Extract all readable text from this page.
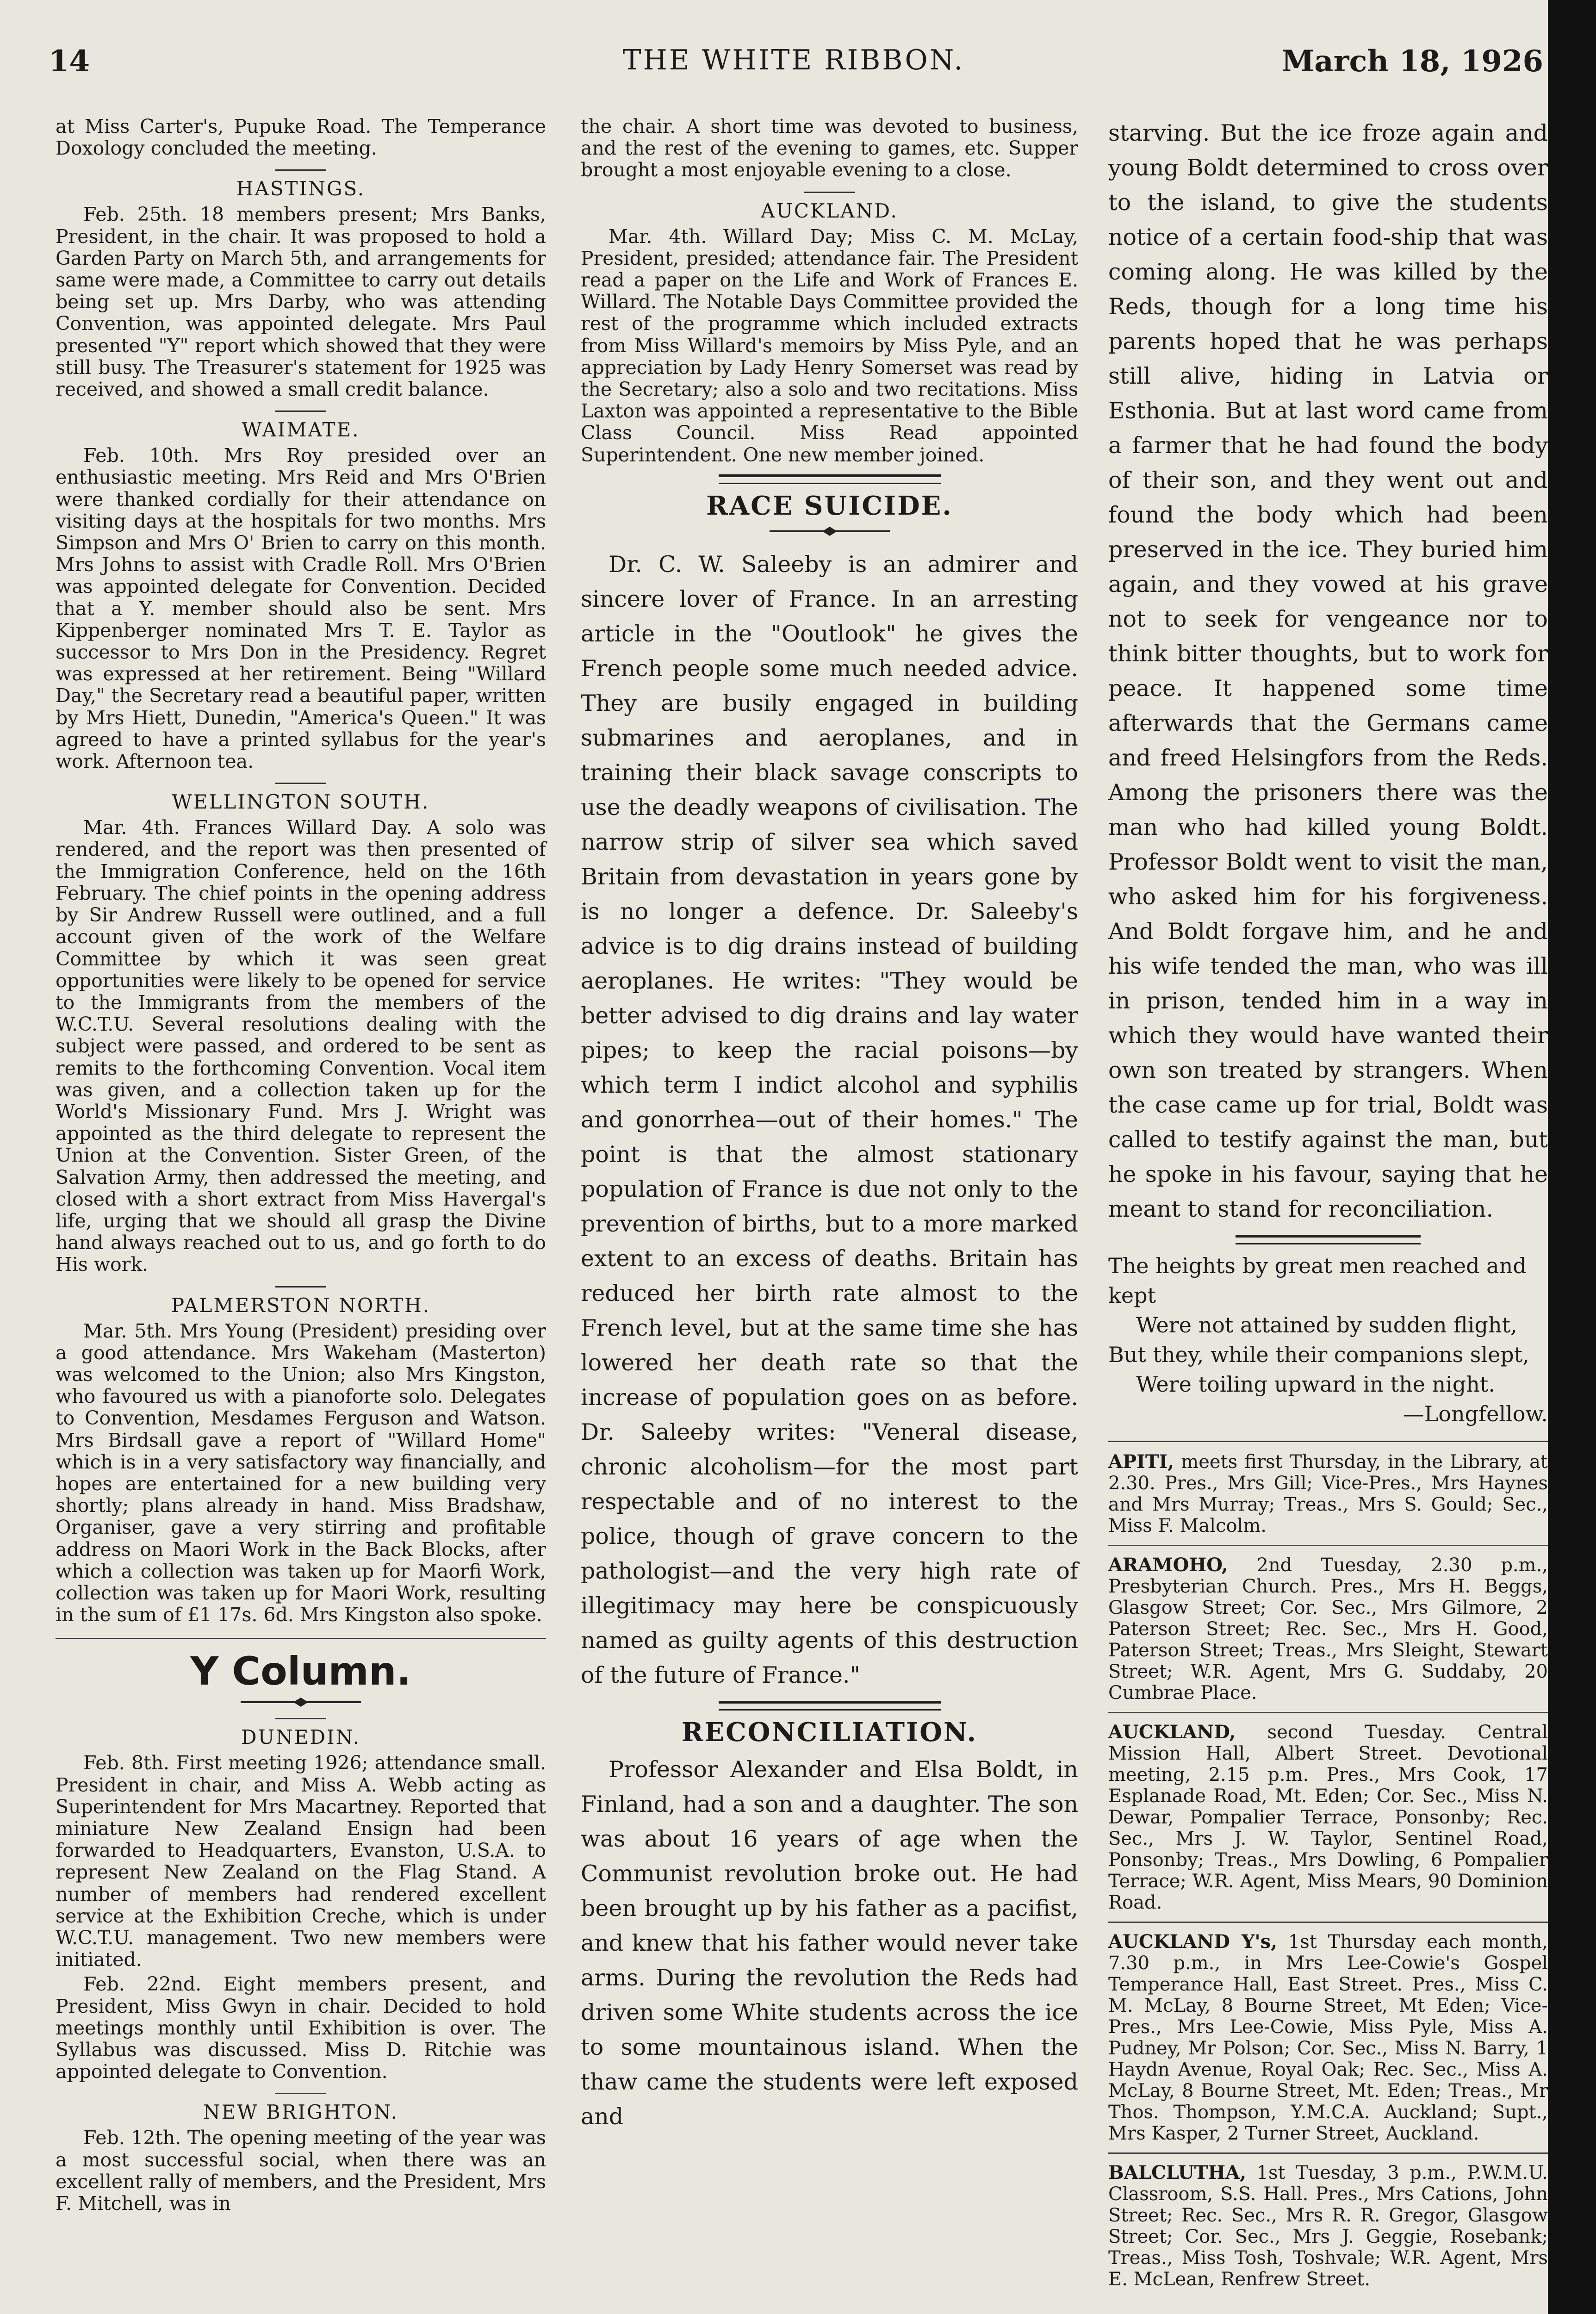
14	THE WHITE RIBBON.	March 18, 1926

at Miss Carter's, Pupuke Road. The Temperance Doxology concluded the meeting.

HASTINGS.

Feb. 25th. 18 members present; Mrs Banks, President, in the chair. It was proposed to hold a Garden Party on March 5th, and arrangements for same were made, a Committee to carry out details being set up. Mrs Darby, who was attending Convention, was appointed delegate. Mrs Paul presented "Y" report which showed that they were still busy. The Treasurer's statement for 1925 was received, and showed a small credit balance.

WAIMATE.

Feb. 10th. Mrs Roy presided over an enthusiastic meeting. Mrs Reid and Mrs O'Brien were thanked cordially for their attendance on visiting days at the hospitals for two months. Mrs Simpson and Mrs O' Brien to carry on this month. Mrs Johns to assist with Cradle Roll. Mrs O'Brien was appointed delegate for Convention. Decided that a Y. member should also be sent. Mrs Kippenberger nominated Mrs T. E. Taylor as successor to Mrs Don in the Presidency. Regret was expressed at her retirement. Being "Willard Day," the Secretary read a beautiful paper, written by Mrs Hiett, Dunedin, "America's Queen." It was agreed to have a printed syllabus for the year's work. Afternoon tea.

WELLINGTON SOUTH.

Mar. 4th. Frances Willard Day. A solo was rendered, and the report was then presented of the Immigration Conference, held on the 16th February. The chief points in the opening address by Sir Andrew Russell were outlined, and a full account given of the work of the Welfare Committee by which it was seen great opportunities were likely to be opened for service to the Immigrants from the members of the W.C.T.U. Several resolutions dealing with the subject were passed, and ordered to be sent as remits to the forthcoming Convention. Vocal item was given, and a collection taken up for the World's Missionary Fund. Mrs J. Wright was appointed as the third delegate to represent the Union at the Convention. Sister Green, of the Salvation Army, then addressed the meeting, and closed with a short extract from Miss Havergal's life, urging that we should all grasp the Divine hand always reached out to us, and go forth to do His work.

PALMERSTON NORTH.

Mar. 5th. Mrs Young (President) presiding over a good attendance. Mrs Wakeham (Masterton) was welcomed to the Union; also Mrs Kingston, who favoured us with a pianoforte solo. Delegates to Convention, Mesdames Ferguson and Watson. Mrs Birdsall gave a report of "Willard Home" which is in a very satisfactory way financially, and hopes are entertained for a new building very shortly; plans already in hand. Miss Bradshaw, Organiser, gave a very stirring and profitable address on Maori Work in the Back Blocks, after which a collection was taken up for Maorfi Work, collection was taken up for Maori Work, resulting in the sum of £1 17s. 6d. Mrs Kingston also spoke.

Y Column.
DUNEDIN.

Feb. 8th. First meeting 1926; attendance small. President in chair, and Miss A. Webb acting as Superintendent for Mrs Macartney. Reported that miniature New Zealand Ensign had been forwarded to Headquarters, Evanston, U.S.A. to represent New Zealand on the Flag Stand. A number of members had rendered excellent service at the Exhibition Creche, which is under W.C.T.U. management. Two new members were initiated.

Feb. 22nd. Eight members present, and President, Miss Gwyn in chair. Decided to hold meetings monthly until Exhibition is over. The Syllabus was discussed. Miss D. Ritchie was appointed delegate to Convention.

NEW BRIGHTON.

Feb. 12th. The opening meeting of the year was a most successful social, when there was an excellent rally of members, and the President, Mrs F. Mitchell, was in

the chair. A short time was devoted to business, and the rest of the evening to games, etc. Supper brought a most enjoyable evening to a close.

AUCKLAND.

Mar. 4th. Willard Day; Miss C. M. McLay, President, presided; attendance fair. The President read a paper on the Life and Work of Frances E. Willard. The Notable Days Committee provided the rest of the programme which included extracts from Miss Willard's memoirs by Miss Pyle, and an appreciation by Lady Henry Somerset was read by the Secretary; also a solo and two recitations. Miss Laxton was appointed a representative to the Bible Class Council. Miss Read appointed Superintendent. One new member joined.

RACE SUICIDE.

Dr. C. W. Saleeby is an admirer and sincere lover of France. In an arresting article in the "Ooutlook" he gives the French people some much needed advice. They are busily engaged in building submarines and aeroplanes, and in training their black savage conscripts to use the deadly weapons of civilisation. The narrow strip of silver sea which saved Britain from devastation in years gone by is no longer a defence. Dr. Saleeby's advice is to dig drains instead of building aeroplanes. He writes: "They would be better advised to dig drains and lay water pipes; to keep the racial poisons—by which term I indict alcohol and syphilis and gonorrhea—out of their homes." The point is that the almost stationary population of France is due not only to the prevention of births, but to a more marked extent to an excess of deaths. Britain has reduced her birth rate almost to the French level, but at the same time she has lowered her death rate so that the increase of population goes on as before. Dr. Saleeby writes: "Veneral disease, chronic alcoholism—for the most part respectable and of no interest to the police, though of grave concern to the pathologist—and the very high rate of illegitimacy may here be conspicuously named as guilty agents of this destruction of the future of France."

RECONCILIATION.

Professor Alexander and Elsa Boldt, in Finland, had a son and a daughter. The son was about 16 years of age when the Communist revolution broke out. He had been brought up by his father as a pacifist, and knew that his father would never take arms. During the revolution the Reds had driven some White students across the ice to some mountainous island. When the thaw came the students were left exposed and

starving. But the ice froze again and young Boldt determined to cross over to the island, to give the students notice of a certain food-ship that was coming along. He was killed by the Reds, though for a long time his parents hoped that he was perhaps still alive, hiding in Latvia or Esthonia. But at last word came from a farmer that he had found the body of their son, and they went out and found the body which had been preserved in the ice. They buried him again, and they vowed at his grave not to seek for vengeance nor to think bitter thoughts, but to work for peace. It happened some time afterwards that the Germans came and freed Helsingfors from the Reds. Among the prisoners there was the man who had killed young Boldt. Professor Boldt went to visit the man, who asked him for his forgiveness. And Boldt forgave him, and he and his wife tended the man, who was ill in prison, tended him in a way in which they would have wanted their own son treated by strangers. When the case came up for trial, Boldt was called to testify against the man, but he spoke in his favour, saying that he meant to stand for reconciliation.

The heights by great men reached and kept
Were not attained by sudden flight,
But they, while their companions slept,
Were toiling upward in the night.
—Longfellow.
APITI, meets first Thursday, in the Library, at 2.30. Pres., Mrs Gill; Vice-Pres., Mrs Haynes and Mrs Murray; Treas., Mrs S. Gould; Sec., Miss F. Malcolm.
ARAMOHO, 2nd Tuesday, 2.30 p.m., Presbyterian Church. Pres., Mrs H. Beggs, Glasgow Street; Cor. Sec., Mrs Gilmore, 2 Paterson Street; Rec. Sec., Mrs H. Good, Paterson Street; Treas., Mrs Sleight, Stewart Street; W.R. Agent, Mrs G. Suddaby, 20 Cumbrae Place.
AUCKLAND, second Tuesday. Central Mission Hall, Albert Street. Devotional meeting, 2.15 p.m. Pres., Mrs Cook, 17 Esplanade Road, Mt. Eden; Cor. Sec., Miss N. Dewar, Pompalier Terrace, Ponsonby; Rec. Sec., Mrs J. W. Taylor, Sentinel Road, Ponsonby; Treas., Mrs Dowling, 6 Pompalier Terrace; W.R. Agent, Miss Mears, 90 Dominion Road.
AUCKLAND Y's, 1st Thursday each month, 7.30 p.m., in Mrs Lee-Cowie's Gospel Temperance Hall, East Street. Pres., Miss C. M. McLay, 8 Bourne Street, Mt Eden; Vice-Pres., Mrs Lee-Cowie, Miss Pyle, Miss A. Pudney, Mr Polson; Cor. Sec., Miss N. Barry, 1 Haydn Avenue, Royal Oak; Rec. Sec., Miss A. McLay, 8 Bourne Street, Mt. Eden; Treas., Mr Thos. Thompson, Y.M.C.A. Auckland; Supt., Mrs Kasper, 2 Turner Street, Auckland.
BALCLUTHA, 1st Tuesday, 3 p.m., P.W.M.U. Classroom, S.S. Hall. Pres., Mrs Cations, John Street; Rec. Sec., Mrs R. R. Gregor, Glasgow Street; Cor. Sec., Mrs J. Geggie, Rosebank; Treas., Miss Tosh, Toshvale; W.R. Agent, Mrs E. McLean, Renfrew Street.
